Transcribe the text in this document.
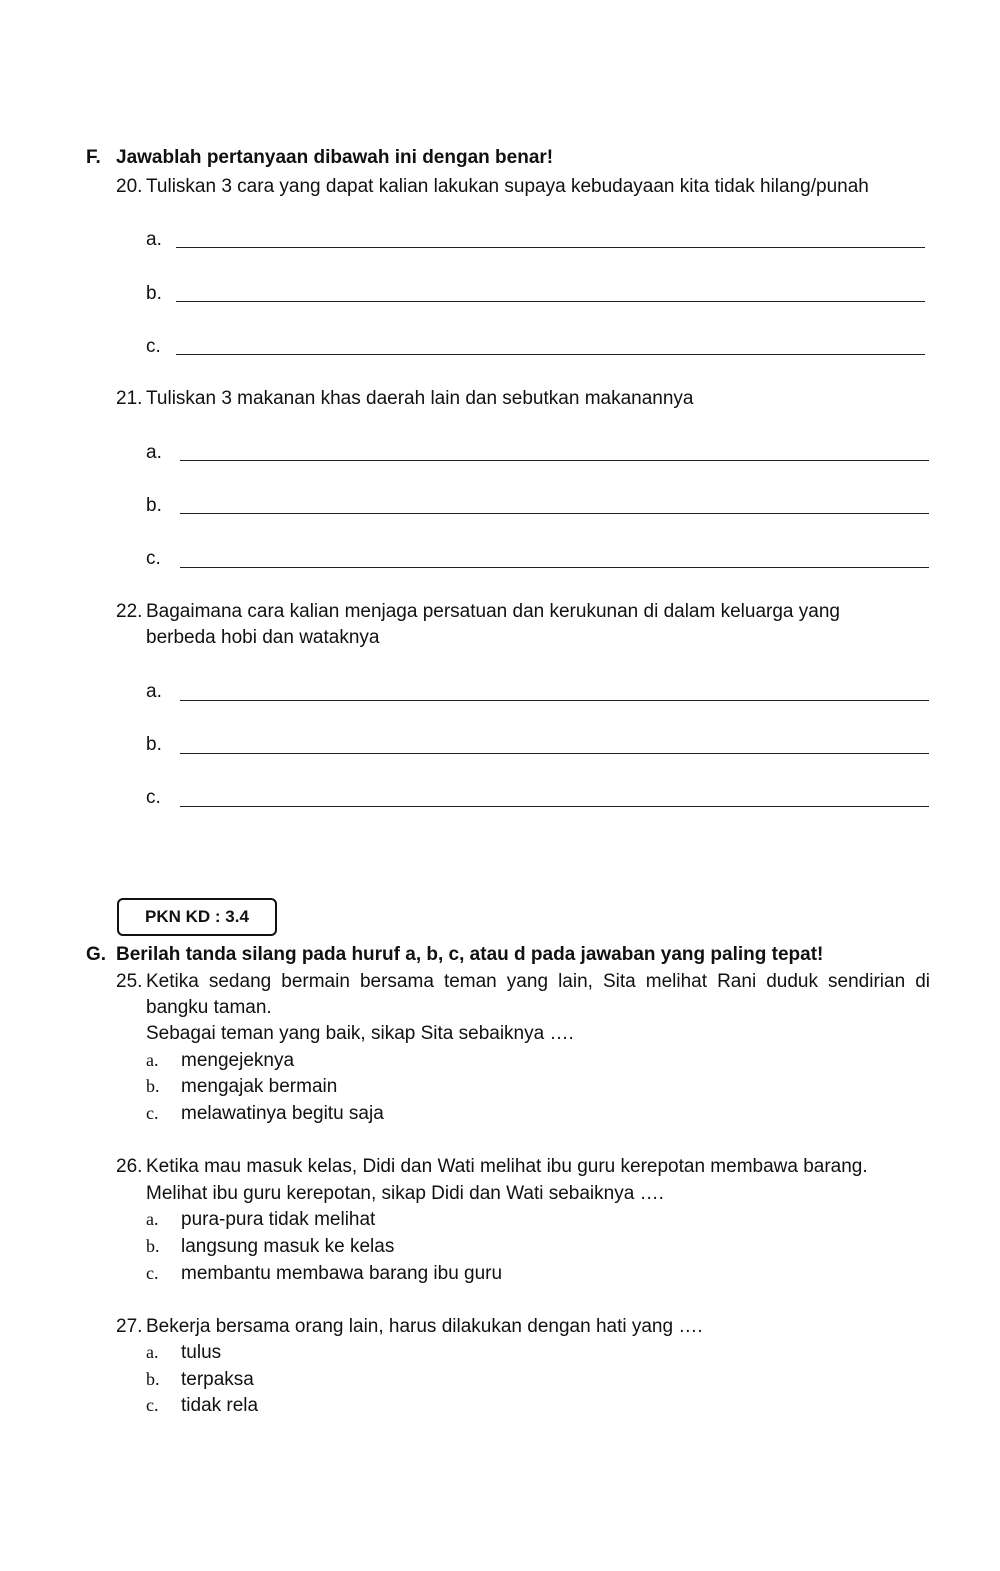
F. Jawablah pertanyaan dibawah ini dengan benar!
20. Tuliskan 3 cara yang dapat kalian lakukan supaya kebudayaan kita tidak hilang/punah
a.
b.
c.
21. Tuliskan 3 makanan khas daerah lain dan sebutkan makanannya
a.
b.
c.
22. Bagaimana cara kalian menjaga persatuan dan kerukunan di dalam keluarga yang
berbeda hobi dan wataknya
a.
b.
c.
PKN KD : 3.4
G. Berilah tanda silang pada huruf a, b, c, atau d pada jawaban yang paling tepat!
25. Ketika sedang bermain bersama teman yang lain, Sita melihat Rani duduk sendirian di
bangku taman.
Sebagai teman yang baik, sikap Sita sebaiknya ….
a. mengejeknya
b. mengajak bermain
c. melawatinya begitu saja
26. Ketika mau masuk kelas, Didi dan Wati melihat ibu guru kerepotan membawa barang.
Melihat ibu guru kerepotan, sikap Didi dan Wati sebaiknya ….
a. pura-pura tidak melihat
b. langsung masuk ke kelas
c. membantu membawa barang ibu guru
27. Bekerja bersama orang lain, harus dilakukan dengan hati yang ….
a. tulus
b. terpaksa
c. tidak rela
